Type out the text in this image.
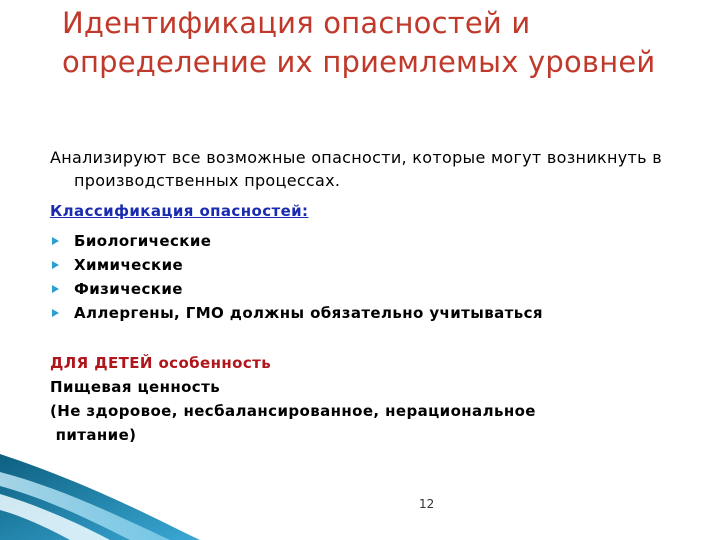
Идентификация опасностей и определение их приемлемых уровней

Анализируют все возможные опасности, которые могут возникнуть в производственных процессах.

Классификация опасностей:

Биологические
Химические
Физические
Аллергены, ГМО должны обязательно учитываться

ДЛЯ ДЕТЕЙ особенность

Пищевая ценность

(Не здоровое, несбалансированное, нерациональное

питание)

12
